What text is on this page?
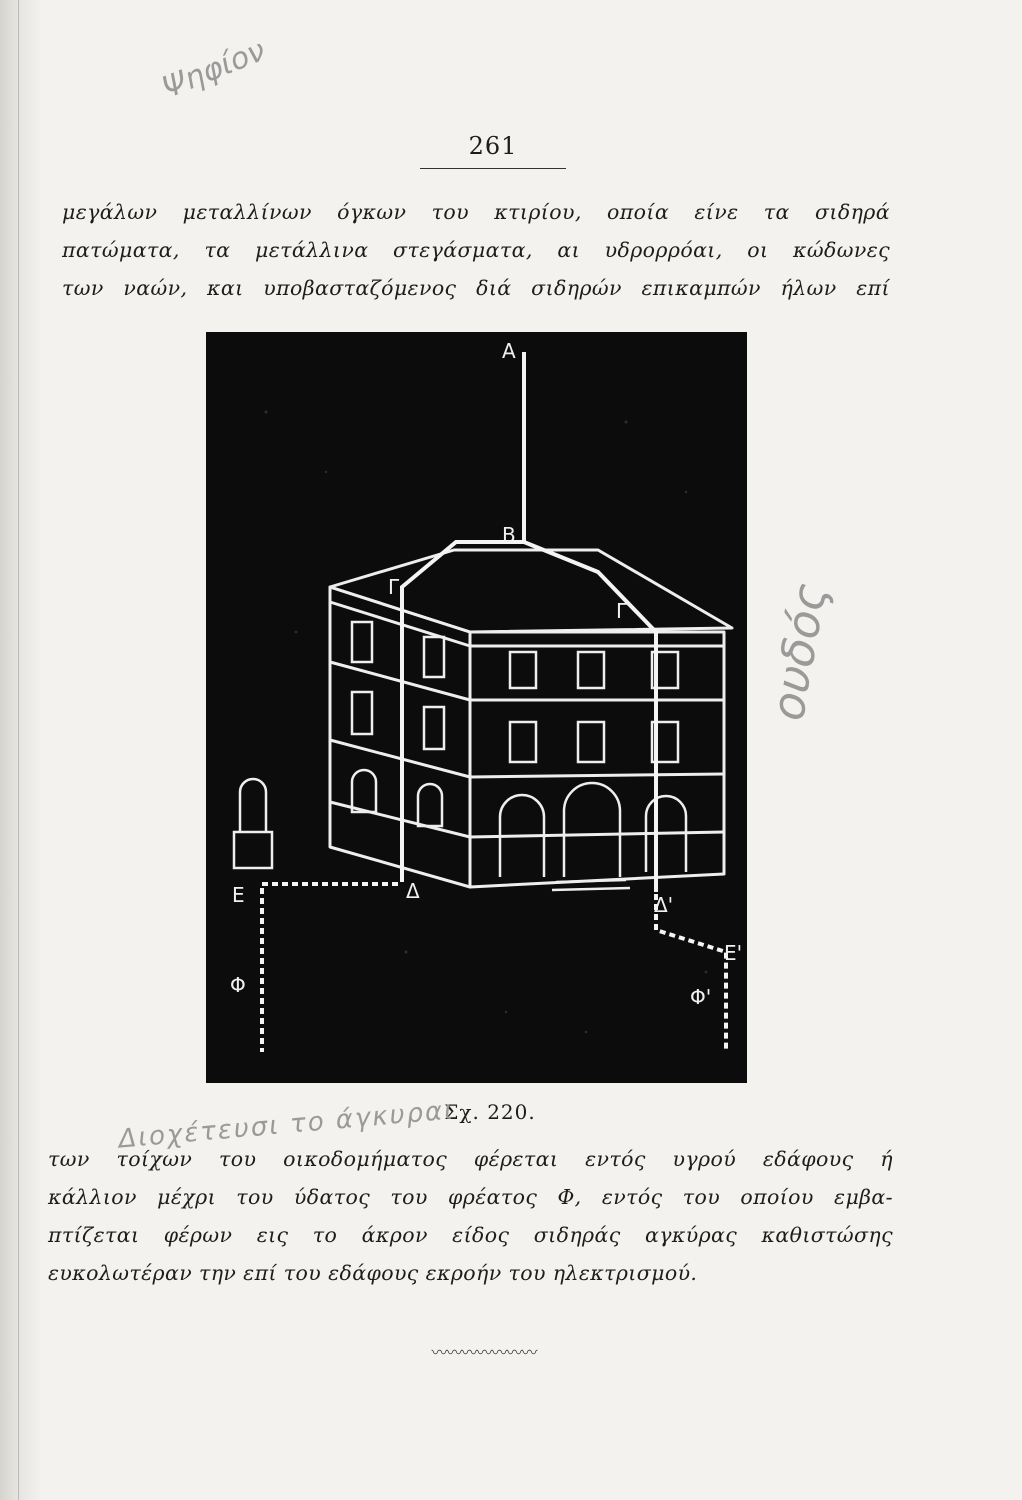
Ψηφίον
261

μεγάλων μεταλλίνων όγκων του κτιρίου, οποία είνε τα σιδηρά
πατώματα, τα μετάλλινα στεγάσματα, αι υδρορρόαι, οι κώδωνες
των ναών, και υποβασταζόμενος διά σιδηρών επικαμπών ήλων επί

Α
Β
Γ
Γ
Δ
Δ'
Ε
Ε'
Φ	Φ'
Σχ. 220.
Διοχέτευσι το άγκυραι
ουδός

των τοίχων του οικοδομήματος φέρεται εντός υγρού εδάφους ή
κάλλιον μέχρι του ύδατος του φρέατος Φ, εντός του οποίου εμβα-
πτίζεται φέρων εις το άκρον είδος σιδηράς αγκύρας καθιστώσης
ευκολωτέραν την επί του εδάφους εκροήν του ηλεκτρισμού.

〰〰〰〰〰〰〰
